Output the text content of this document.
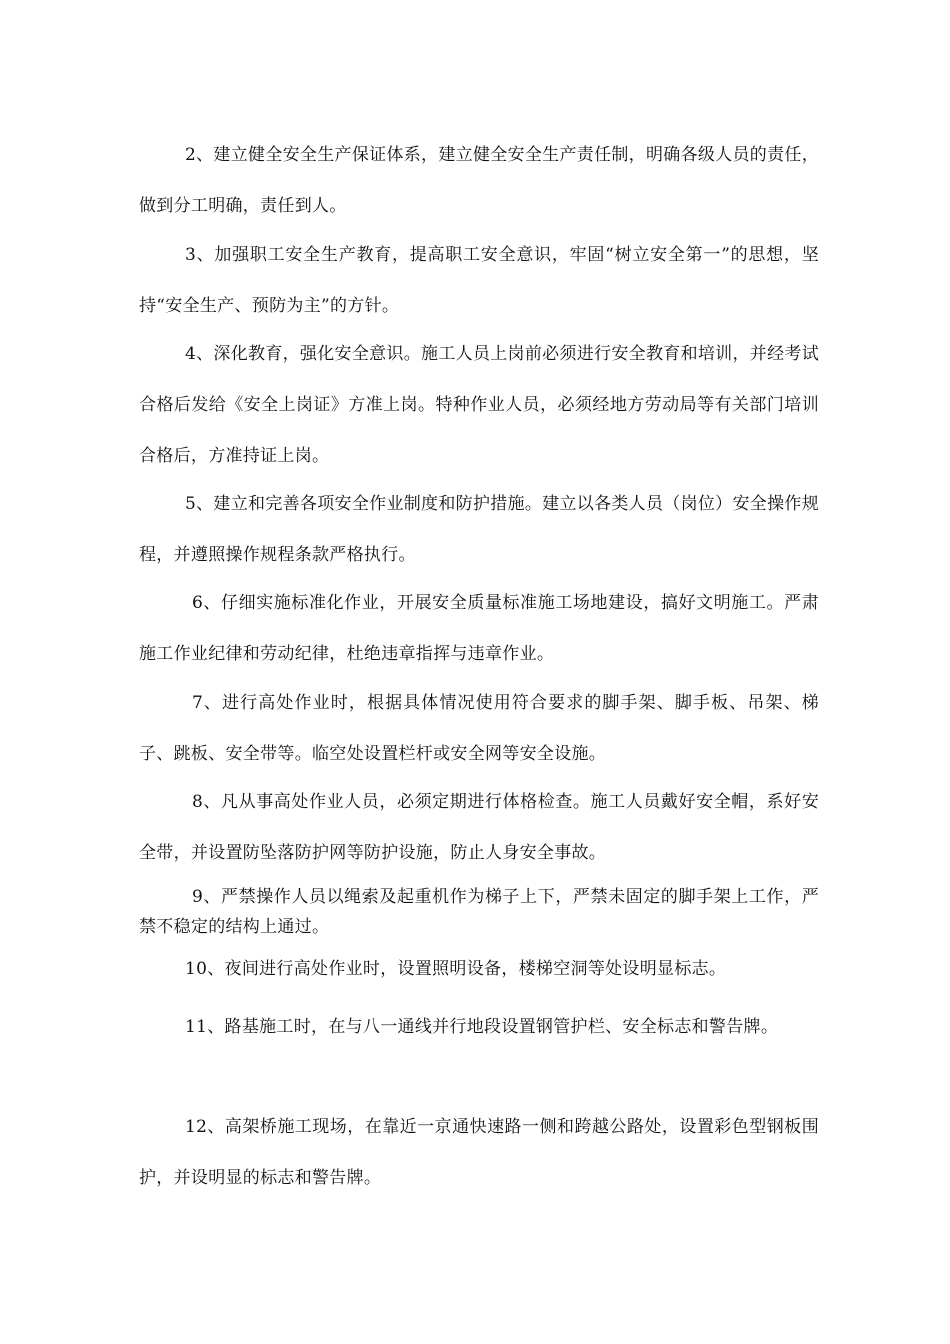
2、建立健全安全生产保证体系，建立健全安全生产责任制，明确各级人员的责任，做到分工明确，责任到人。

3、加强职工安全生产教育，提高职工安全意识，牢固“树立安全第一”的思想，坚持“安全生产、预防为主”的方针。

4、深化教育，强化安全意识。施工人员上岗前必须进行安全教育和培训，并经考试合格后发给《安全上岗证》方准上岗。特种作业人员，必须经地方劳动局等有关部门培训合格后，方准持证上岗。

5、建立和完善各项安全作业制度和防护措施。建立以各类人员（岗位）安全操作规程，并遵照操作规程条款严格执行。

6、仔细实施标准化作业，开展安全质量标准施工场地建设，搞好文明施工。严肃施工作业纪律和劳动纪律，杜绝违章指挥与违章作业。

7、进行高处作业时，根据具体情况使用符合要求的脚手架、脚手板、吊架、梯子、跳板、安全带等。临空处设置栏杆或安全网等安全设施。

8、凡从事高处作业人员，必须定期进行体格检查。施工人员戴好安全帽，系好安全带，并设置防坠落防护网等防护设施，防止人身安全事故。

9、严禁操作人员以绳索及起重机作为梯子上下，严禁未固定的脚手架上工作，严禁不稳定的结构上通过。

10、夜间进行高处作业时，设置照明设备，楼梯空洞等处设明显标志。

11、路基施工时，在与八一通线并行地段设置钢管护栏、安全标志和警告牌。

12、高架桥施工现场，在靠近一京通快速路一侧和跨越公路处，设置彩色型钢板围护，并设明显的标志和警告牌。
